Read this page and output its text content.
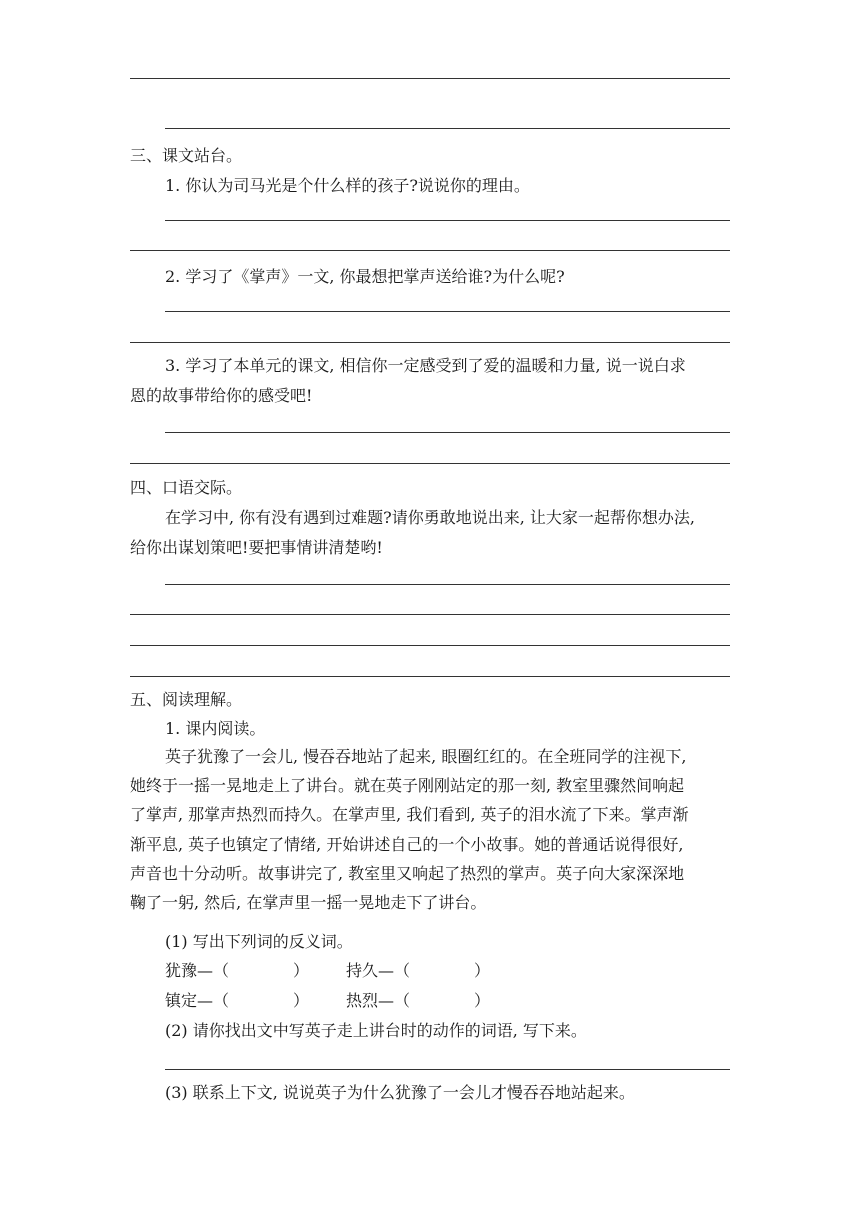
三、课文站台。
1. 你认为司马光是个什么样的孩子?说说你的理由。
2. 学习了《掌声》一文, 你最想把掌声送给谁?为什么呢?
3. 学习了本单元的课文, 相信你一定感受到了爱的温暖和力量, 说一说白求
恩的故事带给你的感受吧!
四、口语交际。
在学习中, 你有没有遇到过难题?请你勇敢地说出来, 让大家一起帮你想办法,
给你出谋划策吧!要把事情讲清楚哟!
五、阅读理解。
1. 课内阅读。
英子犹豫了一会儿, 慢吞吞地站了起来, 眼圈红红的。在全班同学的注视下,
她终于一摇一晃地走上了讲台。就在英子刚刚站定的那一刻, 教室里骤然间响起
了掌声, 那掌声热烈而持久。在掌声里, 我们看到, 英子的泪水流了下来。掌声渐
渐平息, 英子也镇定了情绪, 开始讲述自己的一个小故事。她的普通话说得很好,
声音也十分动听。故事讲完了, 教室里又响起了热烈的掌声。英子向大家深深地
鞠了一躬, 然后, 在掌声里一摇一晃地走下了讲台。
(1) 写出下列词的反义词。
犹豫—（　　　　） 持久—（　　　　）
镇定—（　　　　） 热烈—（　　　　）
(2) 请你找出文中写英子走上讲台时的动作的词语, 写下来。
(3) 联系上下文, 说说英子为什么犹豫了一会儿才慢吞吞地站起来。
